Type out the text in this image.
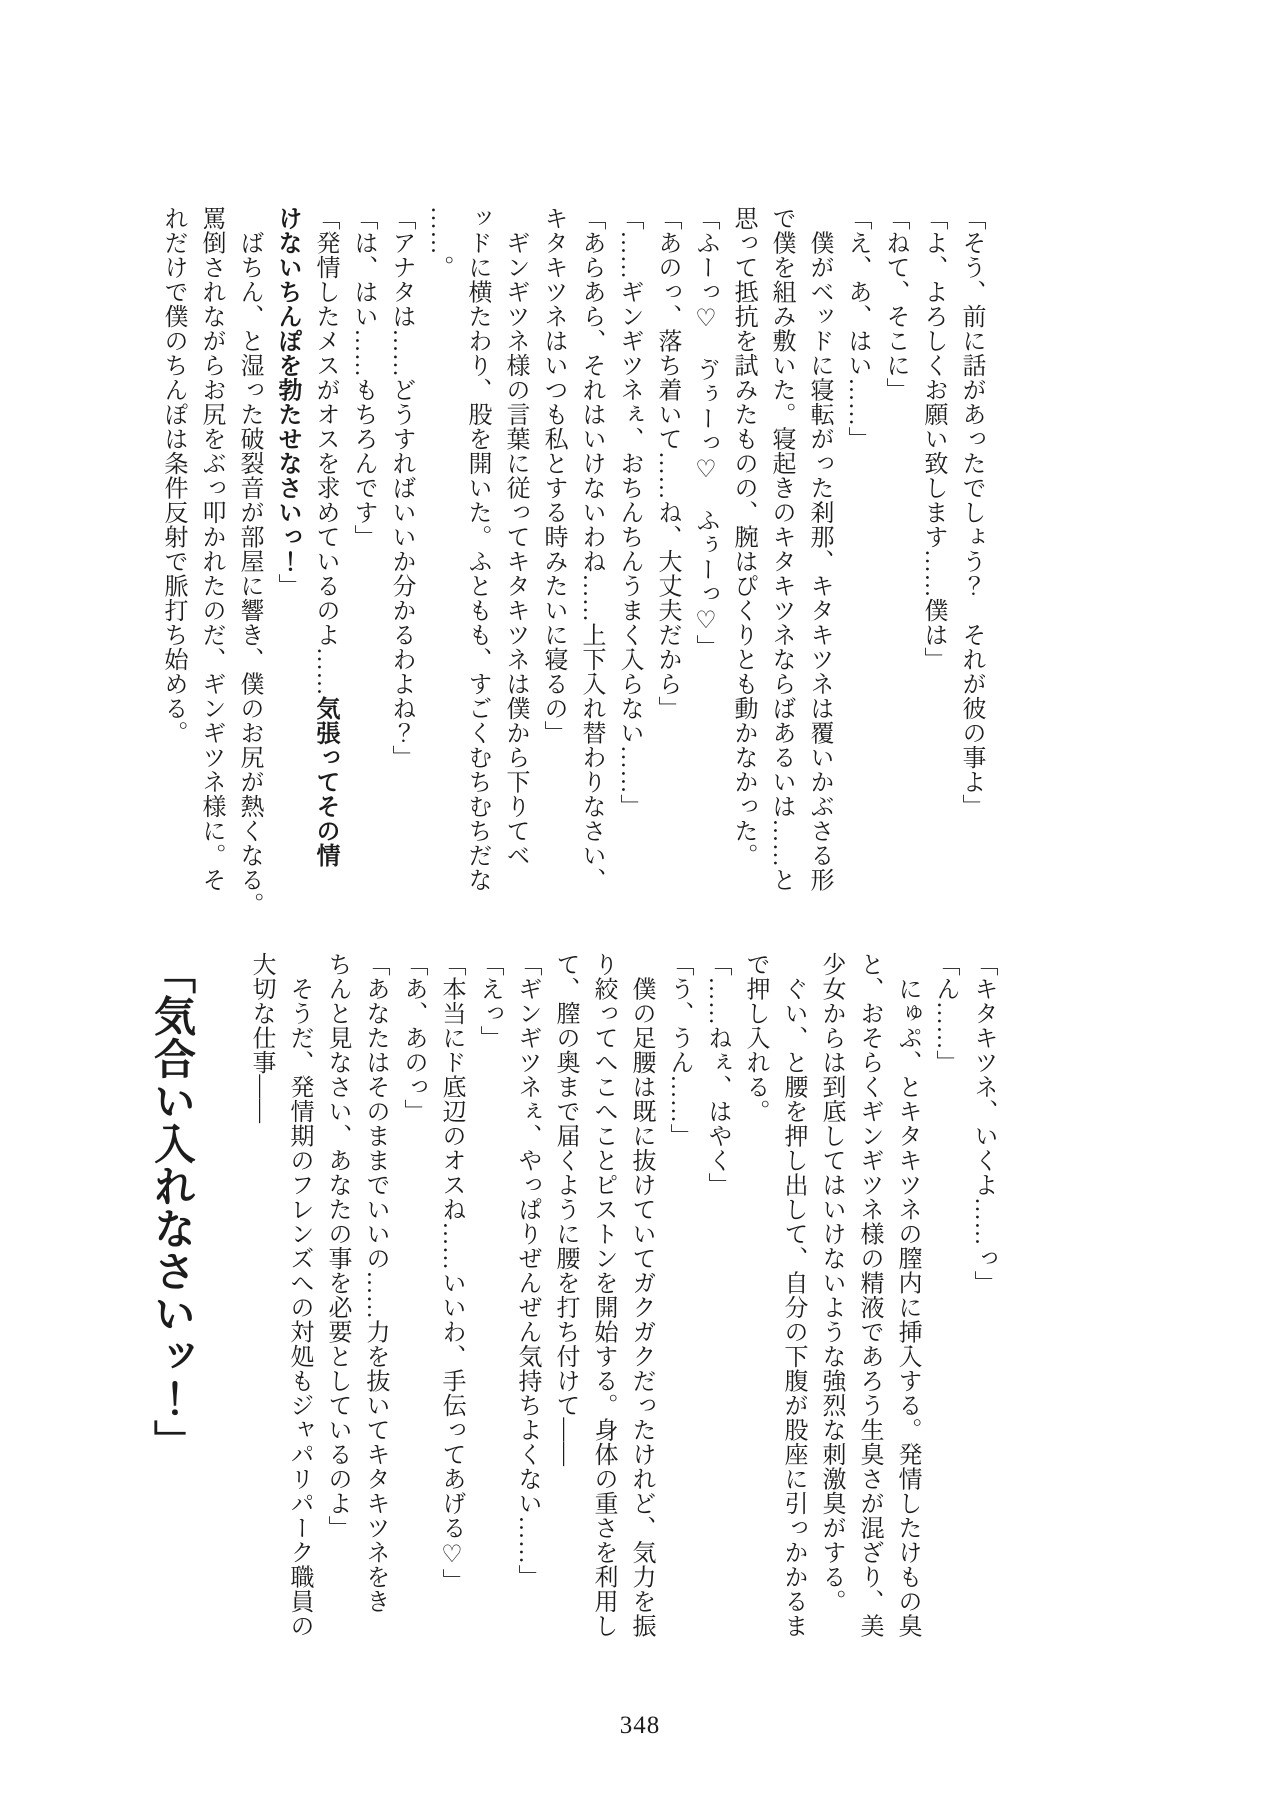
「そう、前に話があったでしょう？　それが彼の事よ」

「よ、よろしくお願い致します……僕は」

「ねて、そこに」

「え、あ、はい……」

　僕がベッドに寝転がった刹那、キタキツネは覆いかぶさる形

で僕を組み敷いた。寝起きのキタキツネならばあるいは……と

思って抵抗を試みたものの、腕はぴくりとも動かなかった。

「ふーっ♡　ゔぅーっ♡　ふぅーっ♡」

「あのっ、落ち着いて……ね、大丈夫だから」

「……ギンギツネぇ、おちんちんうまく入らない……」

「あらあら、それはいけないわね……上下入れ替わりなさい、

キタキツネはいつも私とする時みたいに寝るの」

　ギンギツネ様の言葉に従ってキタキツネは僕から下りてベ

ッドに横たわり、股を開いた。ふともも、すごくむちむちだな

……。

「アナタは……どうすればいいか分かるわよね？」

「は、はい……もちろんです」

「発情したメスがオスを求めているのよ……気張ってその情

けないちんぽを勃たせなさいっ！」

　ばちん、と湿った破裂音が部屋に響き、僕のお尻が熱くなる。

罵倒されながらお尻をぶっ叩かれたのだ、ギンギツネ様に。そ

れだけで僕のちんぽは条件反射で脈打ち始める。

「キタキツネ、いくよ……っ」

「ん……」

　にゅぷ、とキタキツネの膣内に挿入する。発情したけもの臭

と、おそらくギンギツネ様の精液であろう生臭さが混ざり、美

少女からは到底してはいけないような強烈な刺激臭がする。

　ぐい、と腰を押し出して、自分の下腹が股座に引っかかるま

で押し入れる。

「……ねぇ、はやく」

「う、うん……」

　僕の足腰は既に抜けていてガクガクだったけれど、気力を振

り絞ってへこへことピストンを開始する。身体の重さを利用し

て、膣の奥まで届くように腰を打ち付けて――

「ギンギツネぇ、やっぱりぜんぜん気持ちよくない……」

「えっ」

「本当にド底辺のオスね……いいわ、手伝ってあげる♡」

「あ、あのっ」

「あなたはそのままでいいの……力を抜いてキタキツネをき

ちんと見なさい、あなたの事を必要としているのよ」

　そうだ、発情期のフレンズへの対処もジャパリパーク職員の

大切な仕事――

「気合い入れなさいッ！」

348
